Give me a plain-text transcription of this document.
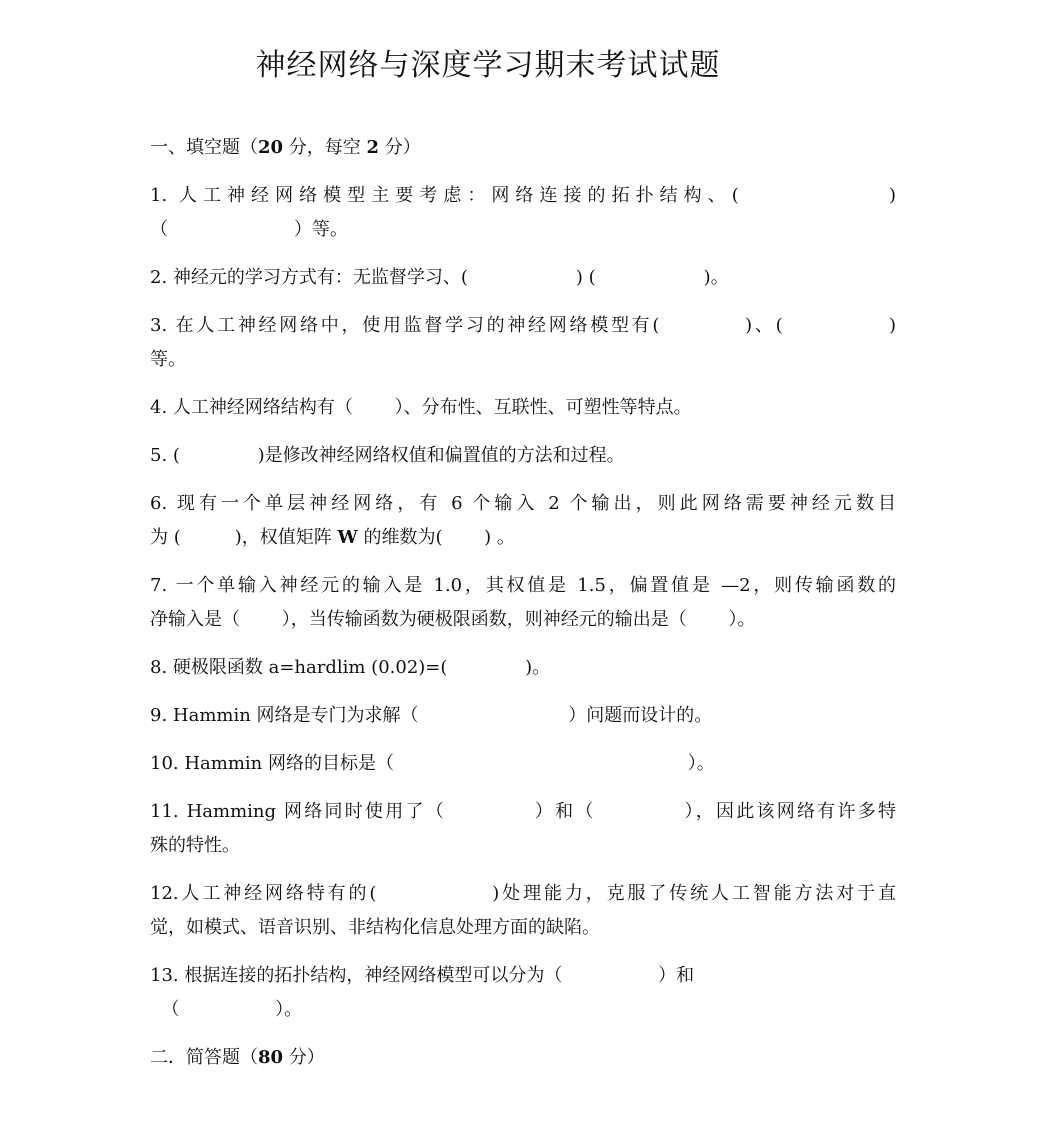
神经网络与深度学习期末考试试题
一、填空题（20 分，每空 2 分）
1. 人工神经网络模型主要考虑：网络连接的拓扑结构、(　　　　　　)
（　　　　　　　）等。
2. 神经元的学习方式有：无监督学习、(　　　　　　) (　　　　　　)。
3. 在人工神经网络中，使用监督学习的神经网络模型有(　　　　)、(　　　　　)
等。
4. 人工神经网络结构有（　　 ）、分布性、互联性、可塑性等特点。
5. (　　　　 )是修改神经网络权值和偏置值的方法和过程。
6. 现有一个单层神经网络，有 6 个输入 2 个输出，则此网络需要神经元数目
为 (　　　)，权值矩阵 W 的维数为(　　 ) 。
7. 一个单输入神经元的输入是 1.0，其权值是 1.5，偏置值是 —2，则传输函数的
净输入是（　　 ），当传输函数为硬极限函数，则神经元的输出是（　　 ）。
8. 硬极限函数 a=hardlim (0.02)=(　　　　 )。
9. Hammin 网络是专门为求解（　　　　　　　　 ）问题而设计的。
10. Hammin 网络的目标是（　　　　　　　　　　　　　　　　 ）。
11. Hamming 网络同时使用了（　　　　 ）和（　　　　 ），因此该网络有许多特
殊的特性。
12.人工神经网络特有的(　　　　　 )处理能力，克服了传统人工智能方法对于直
觉，如模式、语音识别、非结构化信息处理方面的缺陷。
13. 根据连接的拓扑结构，神经网络模型可以分为（　　　　　 ）和
（　　　　　 ）。
二．简答题（80 分）
